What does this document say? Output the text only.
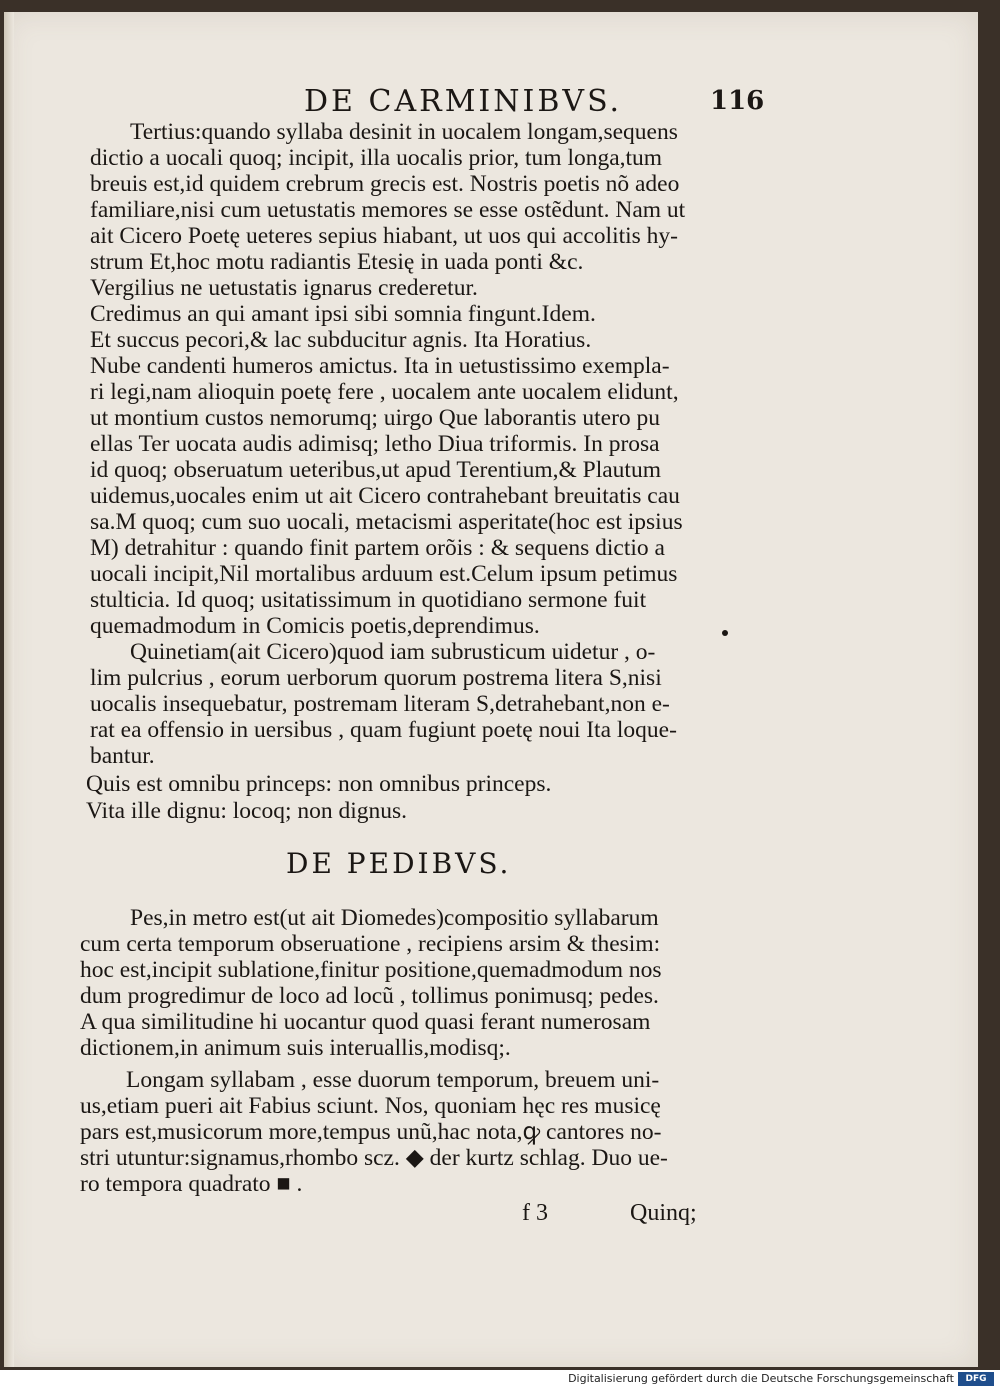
DE CARMINIBVS.	116
Tertius:quando syllaba desinit in uocalem longam,sequens
dictio a uocali quoq; incipit, illa uocalis prior, tum longa,tum
breuis est,id quidem crebrum grecis est. Nostris poetis nõ adeo
familiare,nisi cum uetustatis memores se esse ostẽdunt. Nam ut
ait Cicero Poetę ueteres sepius hiabant, ut uos qui accolitis hy-
strum Et,hoc motu radiantis Etesię in uada ponti &c.
Vergilius ne uetustatis ignarus crederetur.
Credimus an qui amant ipsi sibi somnia fingunt.Idem.
Et succus pecori,& lac subducitur agnis. Ita Horatius.
Nube candenti humeros amictus. Ita in uetustissimo exempla-
ri legi,nam alioquin poetę fere , uocalem ante uocalem elidunt,
ut montium custos nemorumq; uirgo Que laborantis utero pu
ellas Ter uocata audis adimisq; letho Diua triformis. In prosa
id quoq; obseruatum ueteribus,ut apud Terentium,& Plautum
uidemus,uocales enim ut ait Cicero contrahebant breuitatis cau
sa.M quoq; cum suo uocali, metacismi asperitate(hoc est ipsius
M) detrahitur : quando finit partem orõis : & sequens dictio a
uocali incipit,Nil mortalibus arduum est.Celum ipsum petimus
stulticia. Id quoq; usitatissimum in quotidiano sermone fuit
quemadmodum in Comicis poetis,deprendimus.
Quinetiam(ait Cicero)quod iam subrusticum uidetur , o-
lim pulcrius , eorum uerborum quorum postrema litera S,nisi
uocalis insequebatur, postremam literam S,detrahebant,non e-
rat ea offensio in uersibus , quam fugiunt poetę noui Ita loque-
bantur.
Quis est omnibu princeps: non omnibus princeps.
Vita ille dignu: locoq; non dignus.
DE PEDIBVS.
Pes,in metro est(ut ait Diomedes)compositio syllabarum
cum certa temporum obseruatione , recipiens arsim & thesim:
hoc est,incipit sublatione,finitur positione,quemadmodum nos
dum progredimur de loco ad locũ , tollimus ponimusq; pedes.
A qua similitudine hi uocantur quod quasi ferant numerosam
dictionem,in animum suis interuallis,modisq;.
Longam syllabam , esse duorum temporum, breuem uni-
us,etiam pueri ait Fabius sciunt. Nos, quoniam hęc res musicę
pars est,musicorum more,tempus unũ,hac nota,ꝙ cantores no-
stri utuntur:signamus,rhombo scz. ◆ der kurtz schlag. Duo ue-
ro tempora quadrato ■ .
f 3	Quinq;
Digitalisierung gefördert durch die Deutsche Forschungsgemeinschaft	DFG
